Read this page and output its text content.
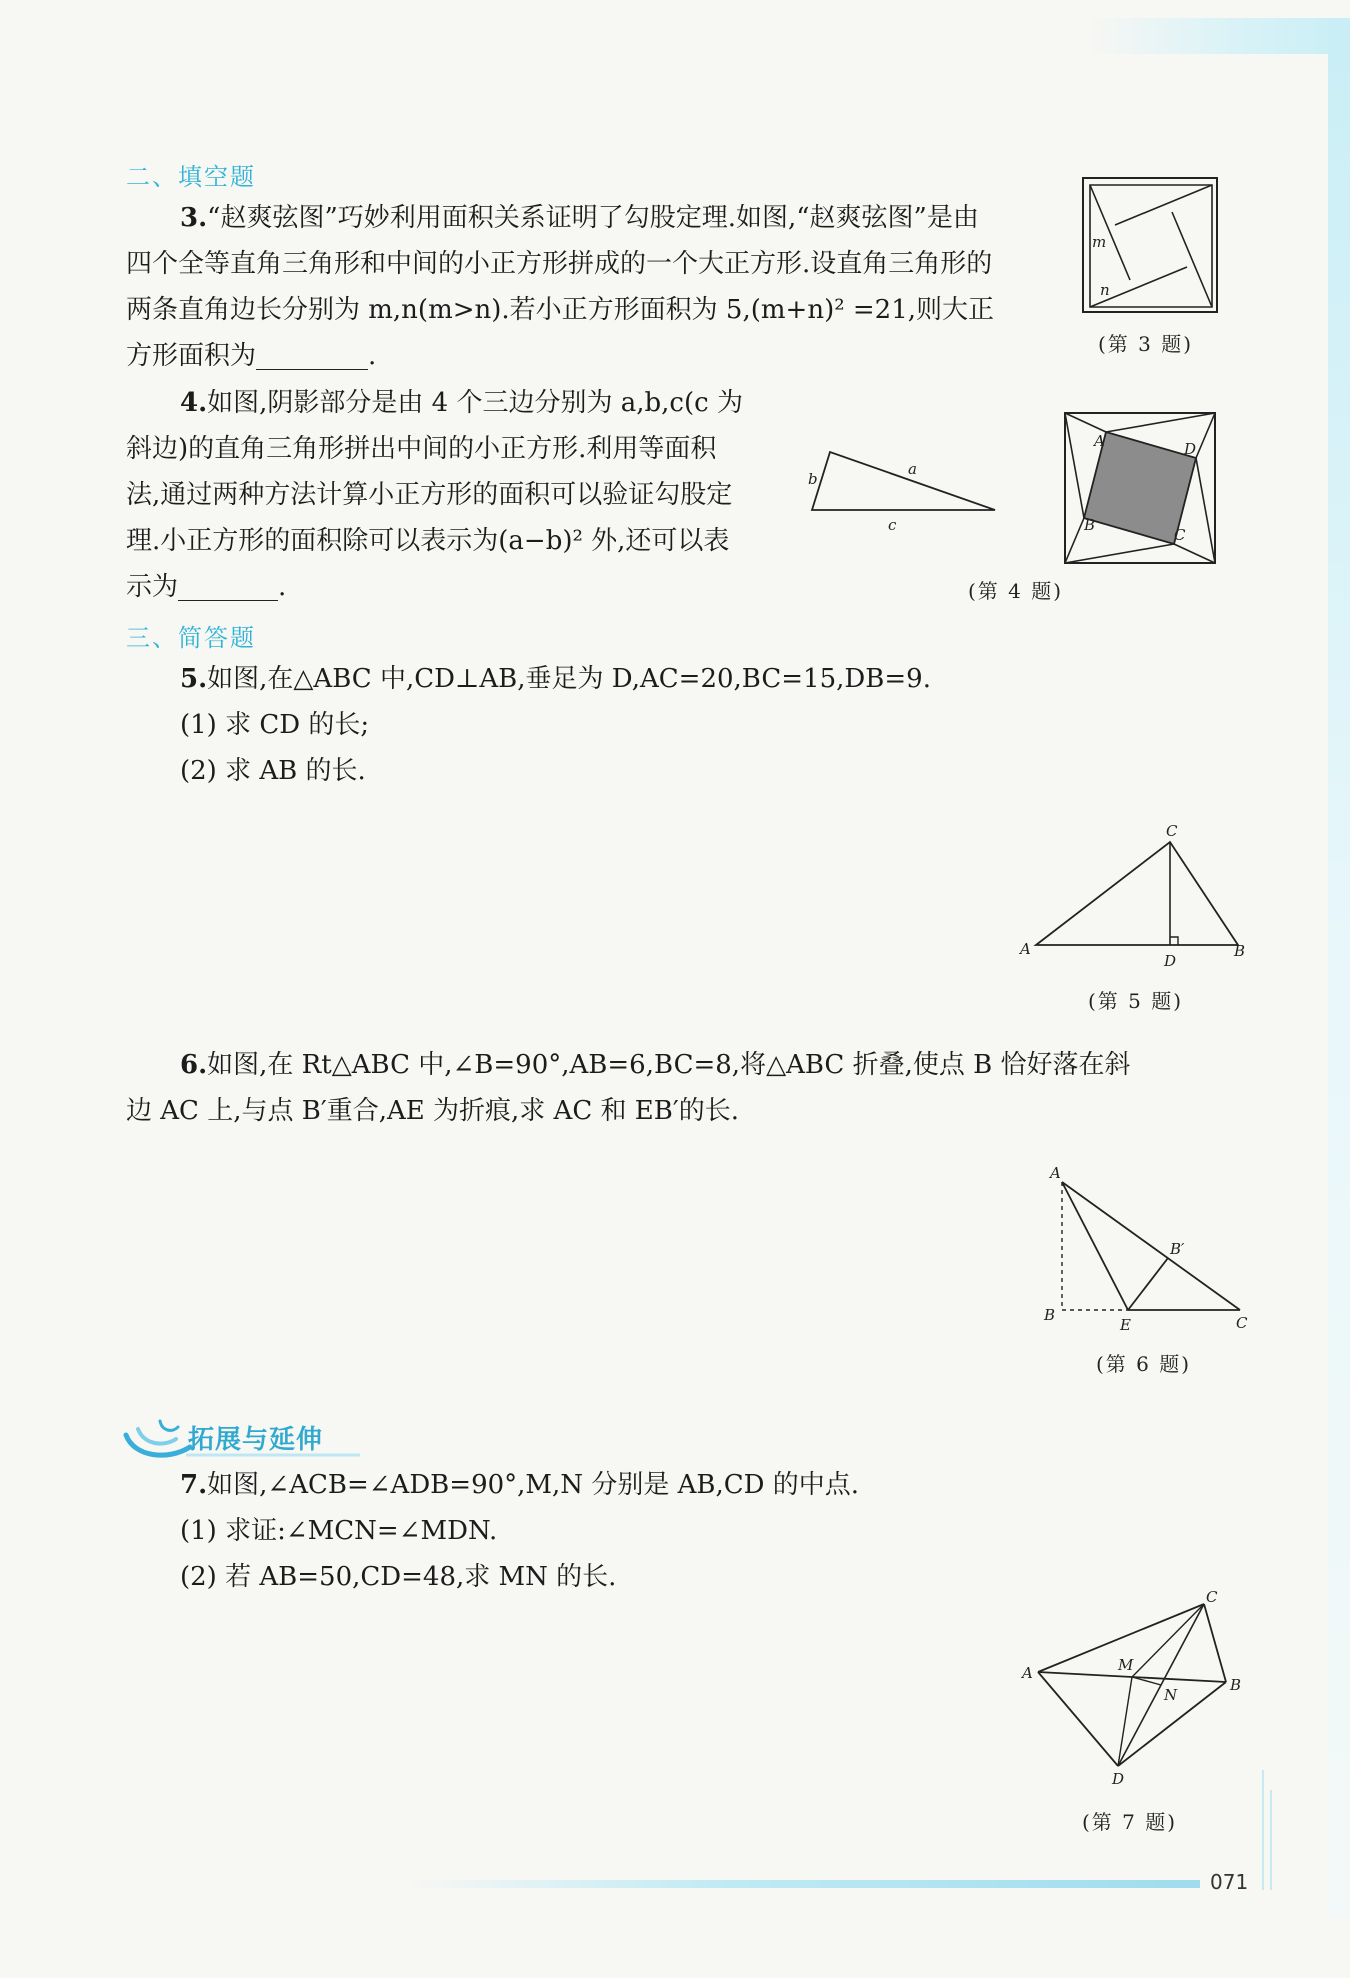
二、填空题
3.“赵爽弦图”巧妙利用面积关系证明了勾股定理.如图,“赵爽弦图”是由
四个全等直角三角形和中间的小正方形拼成的一个大正方形.设直角三角形的
两条直角边长分别为 m,n(m>n).若小正方形面积为 5,(m+n)² =21,则大正
方形面积为	.
m
n
(第 3 题)
4.如图,阴影部分是由 4 个三边分别为 a,b,c(c 为
斜边)的直角三角形拼出中间的小正方形.利用等面积
法,通过两种方法计算小正方形的面积可以验证勾股定
理.小正方形的面积除可以表示为(a−b)² 外,还可以表
示为	.
a
b
c
A	D
B
C
(第 4 题)
三、简答题
5.如图,在△ABC 中,CD⊥AB,垂足为 D,AC=20,BC=15,DB=9.
(1) 求 CD 的长;
(2) 求 AB 的长.
C
A
D
B
(第 5 题)
6.如图,在 Rt△ABC 中,∠B=90°,AB=6,BC=8,将△ABC 折叠,使点 B 恰好落在斜
边 AC 上,与点 B′重合,AE 为折痕,求 AC 和 EB′的长.
A
B
E	C
B′
(第 6 题)
拓展与延伸
7.如图,∠ACB=∠ADB=90°,M,N 分别是 AB,CD 的中点.
(1) 求证:∠MCN=∠MDN.
(2) 若 AB=50,CD=48,求 MN 的长.
A
C
B
D
M
N
(第 7 题)
071
